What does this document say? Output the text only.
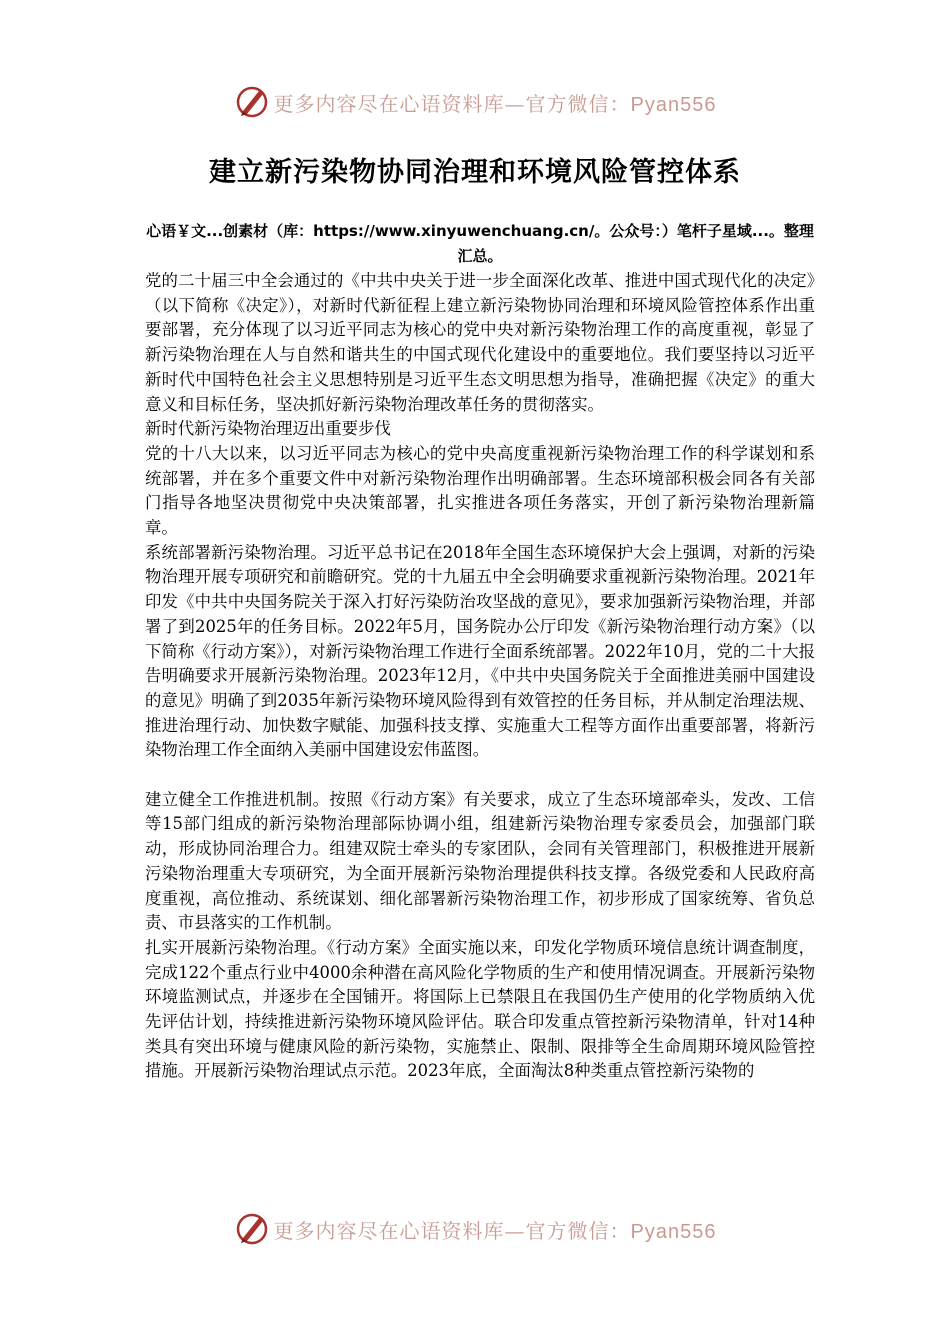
更多内容尽在心语资料库—官方微信：Pyan556
建立新污染物协同治理和环境风险管控体系

心语￥文...创素材（库：https://www.xinyuwenchuang.cn/。公众号：）笔杆子星域...。整理汇总。

党的二十届三中全会通过的《中共中央关于进一步全面深化改革、推进中国式现代化的决定》（以下简称《决定》），对新时代新征程上建立新污染物协同治理和环境风险管控体系作出重要部署，充分体现了以习近平同志为核心的党中央对新污染物治理工作的高度重视，彰显了新污染物治理在人与自然和谐共生的中国式现代化建设中的重要地位。我们要坚持以习近平新时代中国特色社会主义思想特别是习近平生态文明思想为指导，准确把握《决定》的重大意义和目标任务，坚决抓好新污染物治理改革任务的贯彻落实。

新时代新污染物治理迈出重要步伐

党的十八大以来，以习近平同志为核心的党中央高度重视新污染物治理工作的科学谋划和系统部署，并在多个重要文件中对新污染物治理作出明确部署。生态环境部积极会同各有关部门指导各地坚决贯彻党中央决策部署，扎实推进各项任务落实，开创了新污染物治理新篇章。

系统部署新污染物治理。习近平总书记在2018年全国生态环境保护大会上强调，对新的污染物治理开展专项研究和前瞻研究。党的十九届五中全会明确要求重视新污染物治理。2021年印发《中共中央国务院关于深入打好污染防治攻坚战的意见》，要求加强新污染物治理，并部署了到2025年的任务目标。2022年5月，国务院办公厅印发《新污染物治理行动方案》（以下简称《行动方案》），对新污染物治理工作进行全面系统部署。2022年10月，党的二十大报告明确要求开展新污染物治理。2023年12月，《中共中央国务院关于全面推进美丽中国建设的意见》明确了到2035年新污染物环境风险得到有效管控的任务目标，并从制定治理法规、推进治理行动、加快数字赋能、加强科技支撑、实施重大工程等方面作出重要部署，将新污染物治理工作全面纳入美丽中国建设宏伟蓝图。

建立健全工作推进机制。按照《行动方案》有关要求，成立了生态环境部牵头，发改、工信等15部门组成的新污染物治理部际协调小组，组建新污染物治理专家委员会，加强部门联动，形成协同治理合力。组建双院士牵头的专家团队，会同有关管理部门，积极推进开展新污染物治理重大专项研究，为全面开展新污染物治理提供科技支撑。各级党委和人民政府高度重视，高位推动、系统谋划、细化部署新污染物治理工作，初步形成了国家统筹、省负总责、市县落实的工作机制。

扎实开展新污染物治理。《行动方案》全面实施以来，印发化学物质环境信息统计调查制度，完成122个重点行业中4000余种潜在高风险化学物质的生产和使用情况调查。开展新污染物环境监测试点，并逐步在全国铺开。将国际上已禁限且在我国仍生产使用的化学物质纳入优先评估计划，持续推进新污染物环境风险评估。联合印发重点管控新污染物清单，针对14种类具有突出环境与健康风险的新污染物，实施禁止、限制、限排等全生命周期环境风险管控措施。开展新污染物治理试点示范。2023年底，全面淘汰8种类重点管控新污染物的

更多内容尽在心语资料库—官方微信：Pyan556
